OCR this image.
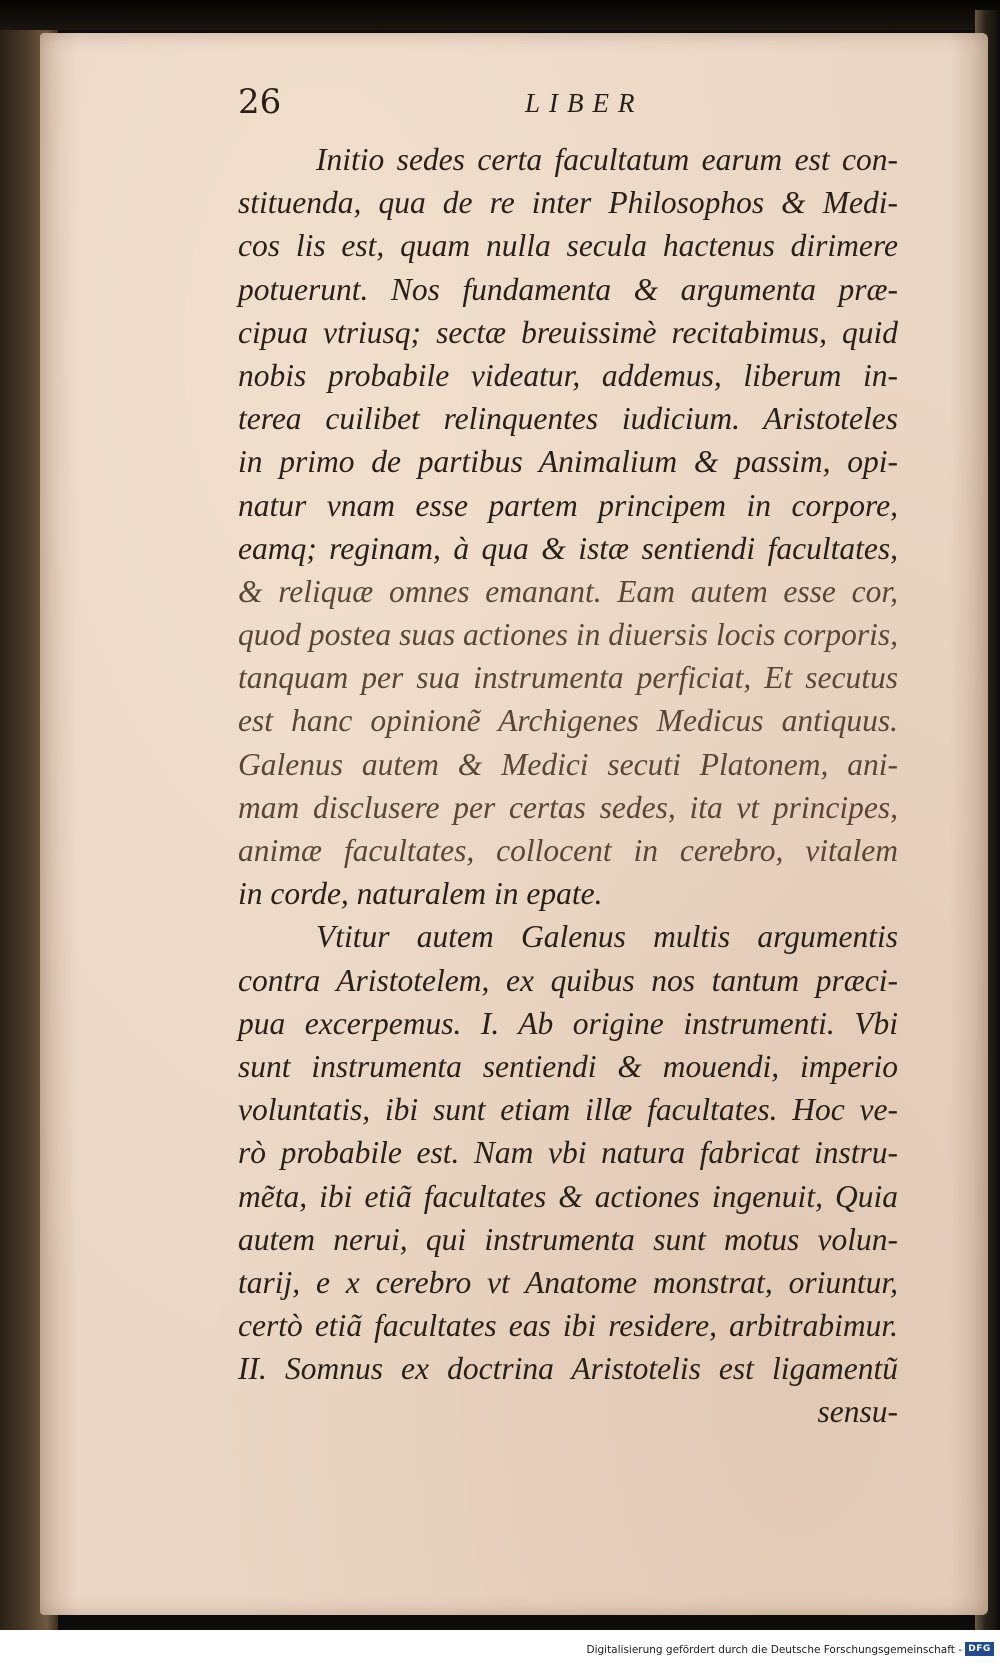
26	LIBER
Initio sedes certa facultatum earum est con-
stituenda, qua de re inter Philosophos & Medi-
cos lis est, quam nulla secula hactenus dirimere
potuerunt. Nos fundamenta & argumenta præ-
cipua vtriusq; sectæ breuissimè recitabimus, quid
nobis probabile videatur, addemus, liberum in-
terea cuilibet relinquentes iudicium. Aristoteles
in primo de partibus Animalium & passim, opi-
natur vnam esse partem principem in corpore,
eamq; reginam, à qua & istæ sentiendi facultates,
& reliquæ omnes emanant. Eam autem esse cor,
quod postea suas actiones in diuersis locis corporis,
tanquam per sua instrumenta perficiat, Et secutus
est hanc opinionẽ Archigenes Medicus antiquus.
Galenus autem & Medici secuti Platonem, ani-
mam disclusere per certas sedes, ita vt principes,
animæ facultates, collocent in cerebro, vitalem
in corde, naturalem in epate.
Vtitur autem Galenus multis argumentis
contra Aristotelem, ex quibus nos tantum præci-
pua excerpemus. I. Ab origine instrumenti. Vbi
sunt instrumenta sentiendi & mouendi, imperio
voluntatis, ibi sunt etiam illæ facultates. Hoc ve-
rò probabile est. Nam vbi natura fabricat instru-
mẽta, ibi etiã facultates & actiones ingenuit, Quia
autem nerui, qui instrumenta sunt motus volun-
tarij, e x cerebro vt Anatome monstrat, oriuntur,
certò etiã facultates eas ibi residere, arbitrabimur.
II. Somnus ex doctrina Aristotelis est ligamentũ
sensu-
Digitalisierung gefördert durch die Deutsche Forschungsgemeinschaft - DFG
